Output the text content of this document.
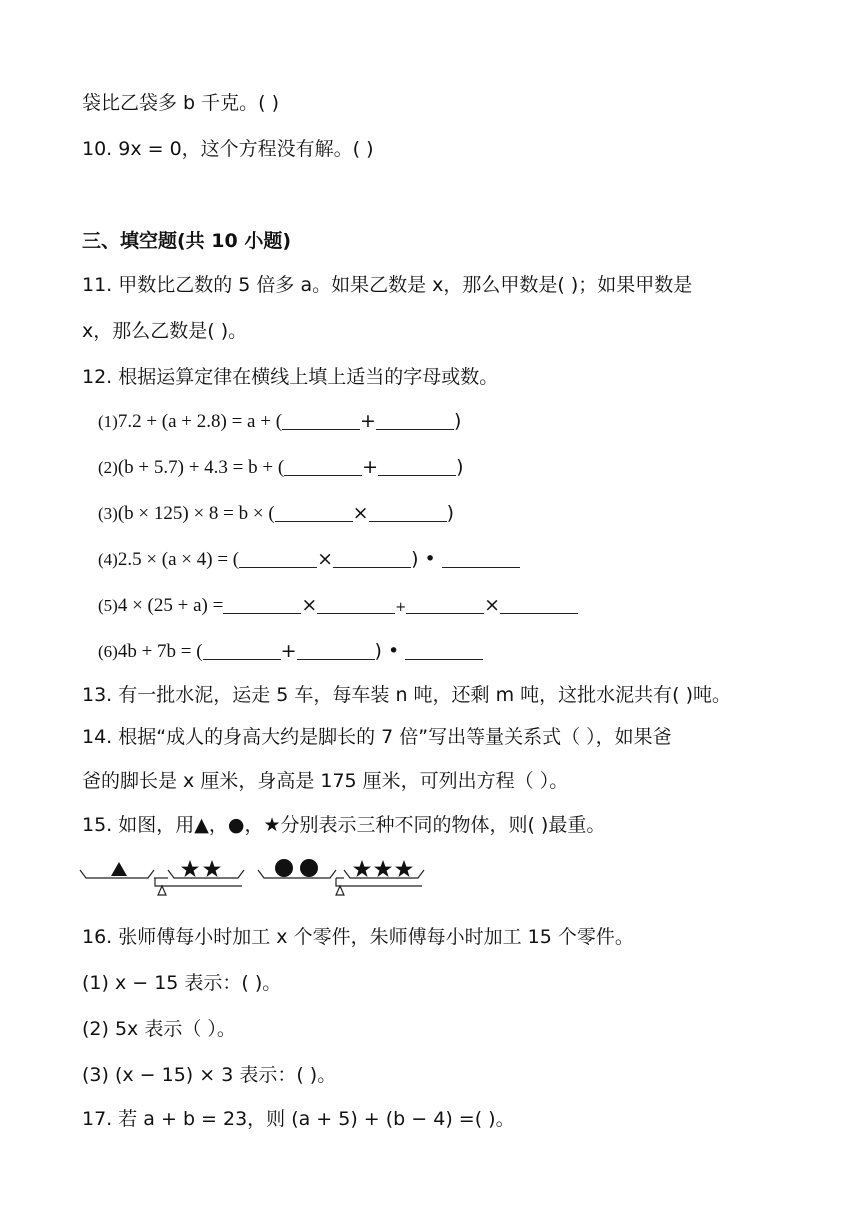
袋比乙袋多 b 千克。( )
10. 9x = 0，这个方程没有解。( )
三、填空题(共 10 小题)
11. 甲数比乙数的 5 倍多 a。如果乙数是 x，那么甲数是( )；如果甲数是
x，那么乙数是( )。
12. 根据运算定律在横线上填上适当的字母或数。
(1)7.2 + (a + 2.8) = a + (	+	)
(2)(b + 5.7) + 4.3 = b + (	+	)
(3)(b × 125) × 8 = b × (	×	)
(4)2.5 × (a × 4) = (	×	) •
(5)4 × (25 + a) =	×	+	×
(6)4b + 7b = (	+	) •
13. 有一批水泥，运走 5 车，每车装 n 吨，还剩 m 吨，这批水泥共有( )吨。
14. 根据“成人的身高大约是脚长的 7 倍”写出等量关系式（ ），如果爸
爸的脚长是 x 厘米，身高是 175 厘米，可列出方程（ ）。
15. 如图，用▲，●，★分别表示三种不同的物体，则( )最重。
16. 张师傅每小时加工 x 个零件，朱师傅每小时加工 15 个零件。
(1) x − 15 表示：( )。
(2) 5x 表示（ ）。
(3) (x − 15) × 3 表示：( )。
17. 若 a + b = 23，则 (a + 5) + (b − 4) =( )。
